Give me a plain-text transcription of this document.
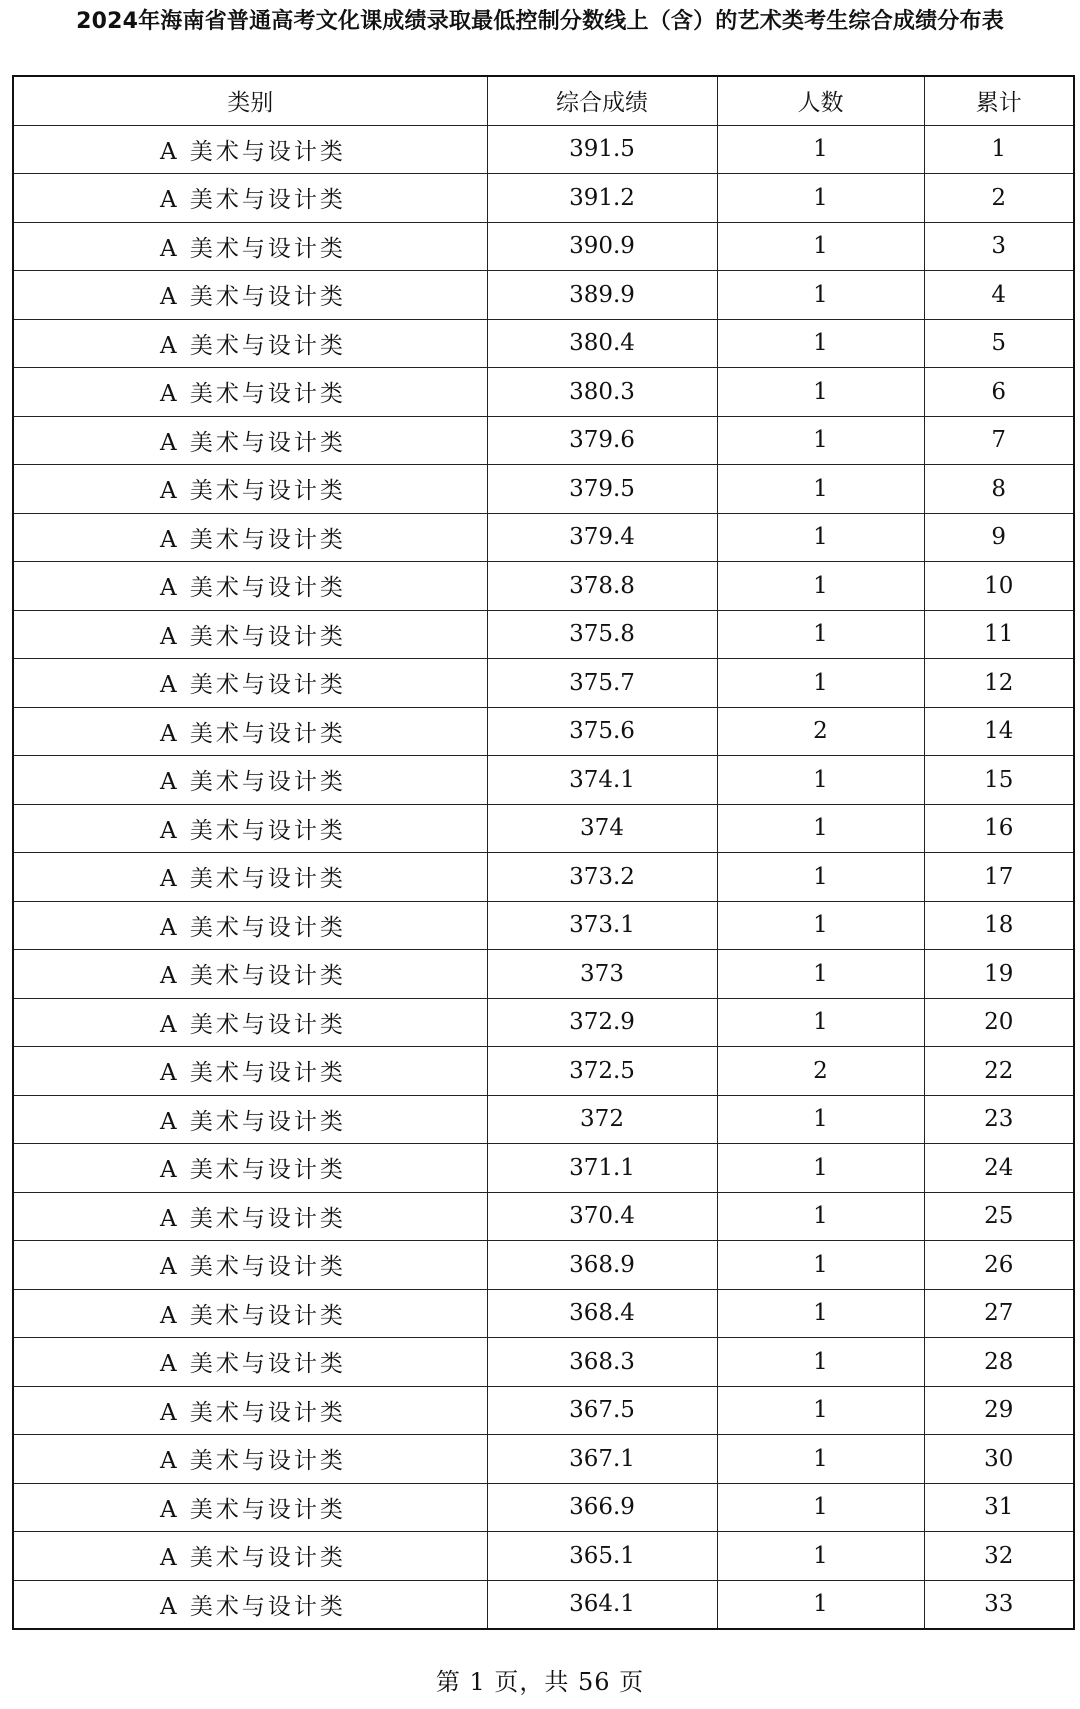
2024年海南省普通高考文化课成绩录取最低控制分数线上（含）的艺术类考生综合成绩分布表
类别	综合成绩	人数	累计
A 美术与设计类	391.5	1	1
A 美术与设计类	391.2	1	2
A 美术与设计类	390.9	1	3
A 美术与设计类	389.9	1	4
A 美术与设计类	380.4	1	5
A 美术与设计类	380.3	1	6
A 美术与设计类	379.6	1	7
A 美术与设计类	379.5	1	8
A 美术与设计类	379.4	1	9
A 美术与设计类	378.8	1	10
A 美术与设计类	375.8	1	11
A 美术与设计类	375.7	1	12
A 美术与设计类	375.6	2	14
A 美术与设计类	374.1	1	15
A 美术与设计类	374	1	16
A 美术与设计类	373.2	1	17
A 美术与设计类	373.1	1	18
A 美术与设计类	373	1	19
A 美术与设计类	372.9	1	20
A 美术与设计类	372.5	2	22
A 美术与设计类	372	1	23
A 美术与设计类	371.1	1	24
A 美术与设计类	370.4	1	25
A 美术与设计类	368.9	1	26
A 美术与设计类	368.4	1	27
A 美术与设计类	368.3	1	28
A 美术与设计类	367.5	1	29
A 美术与设计类	367.1	1	30
A 美术与设计类	366.9	1	31
A 美术与设计类	365.1	1	32
A 美术与设计类	364.1	1	33
第 1 页，共 56 页
